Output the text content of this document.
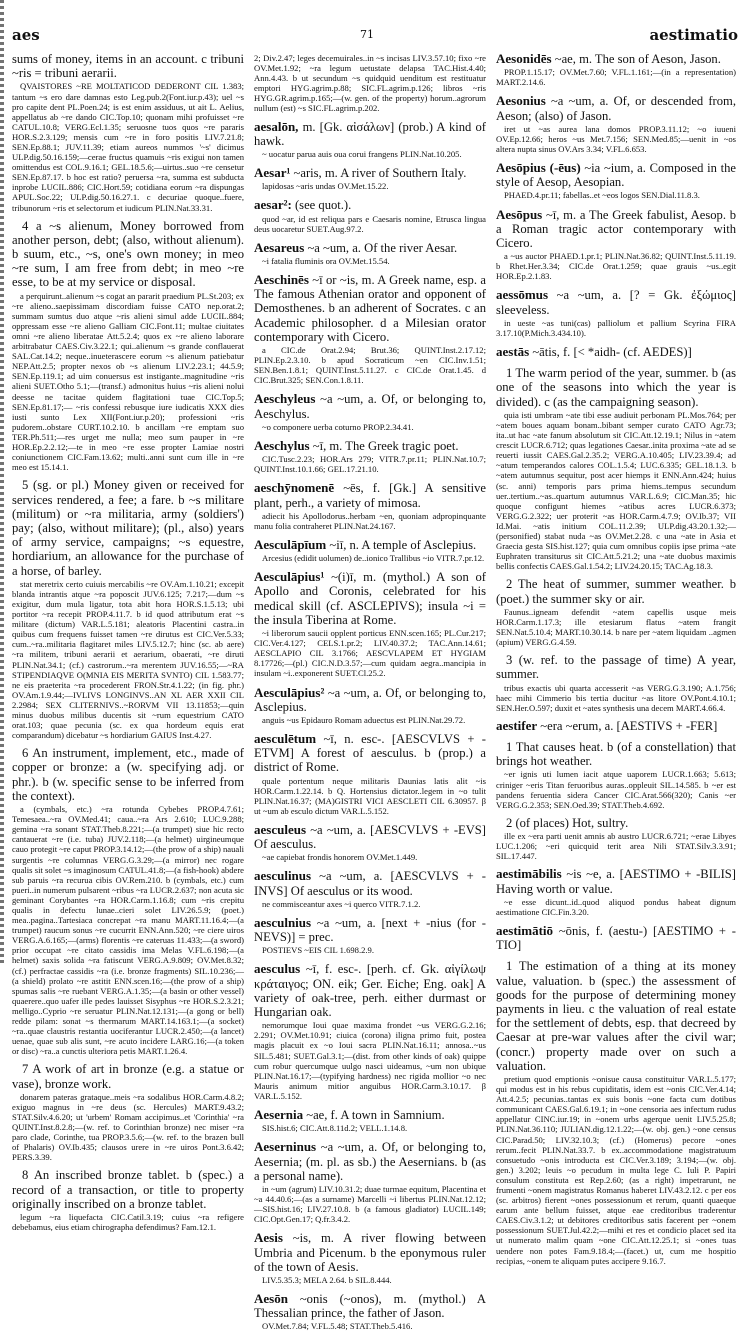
aes	71	aestimatio

sums of money, items in an account. c tribuni ~ris = tribuni aerarii.

QVAISTORES ~RE MOLTATICOD DEDERONT CIL 1.383; tantum ~s ero dare damnas esto Leg.pub.2(Font.iur.p.43); uel ~s pro capite dent PL.Poen.24; is est enim assiduus, ut ait L. Aelius, appellatus ab ~re dando CIC.Top.10; quonam mihi profuisset ~re CATUL.10.8; VERG.Ecl.1.35; seruosne tuos quos ~re pararis HOR.S.2.3.129; mensis cum ~re in foro positis LIV.7.21.8; SEN.Ep.88.1; JUV.11.39; etiam aureos nummos '~s' dicimus ULP.dig.50.16.159;—cerae fructus quamuis ~ris exigui non tamen omittendus est COL.9.16.1; GEL.18.5.6;—uirtus..suo ~re censetur SEN.Ep.87.17. b hoc est ratio? peruersa ~ra, summa est subducta inprobe LUCIL.886; CIC.Hort.59; cotidiana eorum ~ra dispungas APUL.Soc.22; ULP.dig.50.16.27.1. c decuriae quoque..fuere, tribunorum ~ris et selectorum et iudicum PLIN.Nat.33.31.

4 a ~s alienum, Money borrowed from another person, debt; (also, without alienum). b suum, etc., ~s, one's own money; in meo ~re sum, I am free from debt; in meo ~re esse, to be at my service or disposal.

a perquirunt..alienum ~s cogat an pararit praedium PL.St.203; ex ~re alieno..saepissimam discordiam fuisse CATO nep.orat.2; summam sumtus duo atque ~ris alieni simul adde LUCIL.884; oppressam esse ~re alieno Galliam CIC.Font.11; multae ciuitates omni ~re alieno liberatae Att.5.2.4; quos ex ~re alieno laborare arbitrabatur CAES.Civ.3.22.1; qui..alienum ~s grande conflauerat SAL.Cat.14.2; neque..inueterascere eorum ~s alienum patiebatur NEP.Att.2.5; propter nexos ob ~s alienum LIV.2.23.1; 44.5.9; SEN.Ep.119.1; ad uim conuersus est instigante..magnitudine ~ris alieni SUET.Otho 5.1;—(transf.) admonitus huius ~ris alieni nolui deesse ne tacitae quidem flagitationi tuae CIC.Top.5; SEN.Ep.81.17;— ~ris confessi rebusque iure iudicatis XXX dies iusti sunto Lex XII(Font.iur.p.20); professioni ~ris pudorem..obstare CURT.10.2.10. b ancillam ~re emptam suo TER.Ph.511;—res urget me nulla; meo sum pauper in ~re HOR.Ep.2.2.12;—te in meo ~re esse propter Lamiae nostri coniunctionem CIC.Fam.13.62; multi..anni sunt cum ille in ~re meo est 15.14.1.

5 (sg. or pl.) Money given or received for services rendered, a fee; a fare. b ~s militare (militum) or ~ra militaria, army (soldiers') pay; (also, without militare); (pl., also) years of army service, campaigns; ~s equestre, hordiarium, an allowance for the purchase of a horse, of barley.

stat meretrix certo cuiuis mercabilis ~re OV.Am.1.10.21; excepit blanda intrantis atque ~ra poposcit JUV.6.125; 7.217;—dum ~s exigitur, dum mula ligatur, tota abit hora HOR.S.1.5.13; ubi portitor ~ra recepit PROP.4.11.7. b id quod attributum erat ~s militare (dictum) VAR.L.5.181; aleatoris Placentini castra..in quibus cum frequens fuisset tamen ~re dirutus est CIC.Ver.5.33; cum..~ra..militaria flagitaret miles LIV.5.12.7; hinc (sc. ab aere) ~ra militem, tribuni aerarii et aerarium, obaerati, ~re diruti PLIN.Nat.34.1; (cf.) castrorum..~ra merentem JUV.16.55;—~RA STIPENDIAQVE O(MNIA EIS MERITA SVNTO) CIL 1.583.77; ne eis praeterita ~ra procederent FRON.Str.4.1.22; (in fig. phr.) OV.Am.1.9.44;—IVLIVS LONGINVS..AN XL AER XXII CIL 2.2984; SEX CLITERNIVS..~RORVM VII 13.11853;—quin minus duobus milibus ducentis sit ~rum equestrium CATO orat.103; quae pecunia (sc. ex qua hordeum equis erat comparandum) dicebatur ~s hordiarium GAIUS Inst.4.27.

6 An instrument, implement, etc., made of copper or bronze: a (w. specifying adj. or phr.). b (w. specific sense to be inferred from the context).

a (cymbals, etc.) ~ra rotunda Cybebes PROP.4.7.61; Temesaea..~ra OV.Med.41; caua..~ra Ars 2.610; LUC.9.288; gemina ~ra sonant STAT.Theb.8.221;—(a trumpet) siue hic recto cantauerat ~re (i.e. tuba) JUV.2.118;—(a helmet) uirgineumque cauo protegit ~re caput PROP.3.14.12;—(the prow of a ship) nauali surgentis ~re columnas VERG.G.3.29;—(a mirror) nec rogare qualis sit solet ~s imaginosum CATUL.41.8;—(a fish-hook) abdere sub paruis ~ra recurua cibis OV.Rem.210. b (cymbals, etc.) cum pueri..in numerum pulsarent ~ribus ~ra LUCR.2.637; non acuta sic geminant Corybantes ~ra HOR.Carm.1.16.8; cum ~ris crepitu qualis in defectu lunae..cieri solet LIV.26.5.9; (poet.) mea..pagina..Tartesiaca concrepat ~ra manu MART.11.16.4;—(a trumpet) raucum sonus ~re cucurrit ENN.Ann.520; ~re ciere uiros VERG.A.6.165;—(arms) florentis ~re cateruas 11.433;—(a sword) prior occupat ~re citato cassidis ima Melas V.FL.6.198;—(a helmet) saxis solida ~ra fatiscunt VERG.A.9.809; OV.Met.8.32; (cf.) perfractae cassidis ~ra (i.e. bronze fragments) SIL.10.236;—(a shield) prolato ~re astitit ENN.scen.16;—(the prow of a ship) spumas salis ~re ruebant VERG.A.1.35;—(a basin or other vessel) quaerere..quo uafer ille pedes lauisset Sisyphus ~re HOR.S.2.3.21; melligo..Cyprio ~re seruatur PLIN.Nat.12.131;—(a gong or bell) redde pilam: sonat ~s thermarum MART.14.163.1;—(a socket) ~ra..quae claustris restantia uociferantur LUCR.2.450;—(a lancet) uenae, quae sub alis sunt, ~re acuto incidere LARG.16;—(a token or disc) ~ra..a cunctis ulteriora petis MART.1.26.4.

7 A work of art in bronze (e.g. a statue or vase), bronze work.

donarem pateras grataque..meis ~ra sodalibus HOR.Carm.4.8.2; exiguo magnus in ~re deus (sc. Hercules) MART.9.43.2; STAT.Silv.4.6.20; ut 'urbem' Romam accipimus..et 'Corinthia' ~ra QUINT.Inst.8.2.8;—(w. ref. to Corinthian bronze) nec miser ~ra paro clade, Corinthe, tua PROP.3.5.6;—(w. ref. to the brazen bull of Phalaris) OV.Ib.435; clausos urere in ~re uiros Pont.3.6.42; PERS.3.39.

8 An inscribed bronze tablet. b (spec.) a record of a transaction, or title to property originally inscribed on a bronze tablet.

legum ~ra liquefacta CIC.Catil.3.19; cuius ~ra refigere debebamus, eius etiam chirographa defendimus? Fam.12.1.

2; Div.2.47; leges decemuirales..in ~s incisas LIV.3.57.10; fixo ~re OV.Met.1.92; ~ra legum uetustate delapsa TAC.Hist.4.40; Ann.4.43. b ut secundum ~s quidquid uenditum est restituatur emptori HYG.agrim.p.88; SIC.FL.agrim.p.126; libros ~ris HYG.GR.agrim.p.165;—(w. gen. of the property) horum..agrorum nullum (est) ~s SIC.FL.agrim.p.202.

aesalōn, m. [Gk. αἰσάλων] (prob.) A kind of hawk.

~ uocatur parua auis oua corui frangens PLIN.Nat.10.205.

Aesar¹ ~aris, m. A river of Southern Italy.

lapidosas ~aris undas OV.Met.15.22.

aesar²: (see quot.).

quod ~ar, id est reliqua pars e Caesaris nomine, Etrusca lingua deus uocaretur SUET.Aug.97.2.

Aesareus ~a ~um, a. Of the river Aesar.

~i fatalia fluminis ora OV.Met.15.54.

Aeschinēs ~ī or ~is, m. A Greek name, esp. a The famous Athenian orator and opponent of Demosthenes. b an adherent of Socrates. c an Academic philosopher. d a Milesian orator contemporary with Cicero.

a CIC.de Orat.2.94; Brut.36; QUINT.Inst.2.17.12; PLIN.Ep.2.3.10. b apud Socraticum ~en CIC.Inv.1.51; SEN.Ben.1.8.1; QUINT.Inst.5.11.27. c CIC.de Orat.1.45. d CIC.Brut.325; SEN.Con.1.8.11.

Aeschyleus ~a ~um, a. Of, or belonging to, Aeschylus.

~o componere uerba coturno PROP.2.34.41.

Aeschylus ~ī, m. The Greek tragic poet.

CIC.Tusc.2.23; HOR.Ars 279; VITR.7.pr.11; PLIN.Nat.10.7; QUINT.Inst.10.1.66; GEL.17.21.10.

aeschȳnomenē ~ēs, f. [Gk.] A sensitive plant, perh., a variety of mimosa.

adiecit his Apollodorus..herbam ~en, quoniam adpropinquante manu folia contraheret PLIN.Nat.24.167.

Aesculāpīum ~iī, n. A temple of Asclepius.

Arcesius (edidit uolumen) de..ionico Trallibus ~io VITR.7.pr.12.

Aesculāpius¹ ~(i)ī, m. (mythol.) A son of Apollo and Coronis, celebrated for his medical skill (cf. ASCLEPIVS); insula ~i = the insula Tiberina at Rome.

~i liberorum saucii opplent porticus ENN.scen.165; PL.Cur.217; CIC.Ver.4.127; CELS.1.pr.2; LIV.40.37.2; TAC.Ann.14.61; AESCLAPIO CIL 3.1766; AESCVLAPEM ET HYGIAM 8.17726;—(pl.) CIC.N.D.3.57;—cum quidam aegra..mancipia in insulam ~i..exponerent SUET.Cl.25.2.

Aesculāpius² ~a ~um, a. Of, or belonging to, Asclepius.

anguis ~us Epidauro Romam aduectus est PLIN.Nat.29.72.

aesculētum ~ī, n. esc-. [AESCVLVS + -ETVM] A forest of aesculus. b (prop.) a district of Rome.

quale portentum neque militaris Daunias latis alit ~is HOR.Carm.1.22.14. b Q. Hortensius dictator..legem in ~o tulit PLIN.Nat.16.37; (MA)GISTRI VICI AESCLETI CIL 6.30957. β ut ~um ab esculo dictum VAR.L.5.152.

aesculeus ~a ~um, a. [AESCVLVS + -EVS] Of aesculus.

~ae capiebat frondis honorem OV.Met.1.449.

aesculinus ~a ~um, a. [AESCVLVS + -INVS] Of aesculus or its wood.

ne commisceantur axes ~i querco VITR.7.1.2.

aesculnius ~a ~um, a. [next + -nius (for -NEVS)] = prec.

POSTIEVS ~EIS CIL 1.698.2.9.

aesculus ~ī, f. esc-. [perh. cf. Gk. αἰγίλωψ κράταιγος; ON. eik; Ger. Eiche; Eng. oak] A variety of oak-tree, perh. either durmast or Hungarian oak.

nemorumque Ioui quae maxima frondet ~us VERG.G.2.16; 2.291; OV.Met.10.91; ciuica (corona) iligna primo fuit, postea magis placuit ex ~o Ioui sacra PLIN.Nat.16.11; annosa..~us SIL.5.481; SUET.Gal.3.1;—(dist. from other kinds of oak) quippe cum robur quercumque uulgo nasci uideamus, ~um non ubique PLIN.Nat.16.17;—(typifying hardness) nec rigida mollior ~o nec Mauris animum mitior anguibus HOR.Carm.3.10.17. β VAR.L.5.152.

Aesernia ~ae, f. A town in Samnium.

SIS.hist.6; CIC.Att.8.11d.2; VELL.1.14.8.

Aeserninus ~a ~um, a. Of, or belonging to, Aesernia; (m. pl. as sb.) the Aesernians. b (as a personal name).

in ~um (agrum) LIV.10.31.2; duae turmae equitum, Placentina et ~a 44.40.6;—(as a surname) Marcelli ~i libertus PLIN.Nat.12.12;—SIS.hist.16; LIV.27.10.8. b (a famous gladiator) LUCIL.149; CIC.Opt.Gen.17; Q.fr.3.4.2.

Aesis ~is, m. A river flowing between Umbria and Picenum. b the eponymous ruler of the town of Aesis.

LIV.5.35.3; MELA 2.64. b SIL.8.444.

Aesōn ~onis (~onos), m. (mythol.) A Thessalian prince, the father of Jason.

OV.Met.7.84; V.FL.5.48; STAT.Theb.5.416.

Aesonidēs ~ae, m. The son of Aeson, Jason.

PROP.1.15.17; OV.Met.7.60; V.FL.1.161;—(in a representation) MART.2.14.6.

Aesonius ~a ~um, a. Of, or descended from, Aeson; (also) of Jason.

iret ut ~as aurea lana domos PROP.3.11.12; ~o iuueni OV.Ep.12.66; heros ~us Met.7.156; SEN.Med.85;—uenit in ~os altera nupta sinus OV.Ars 3.34; V.FL.6.653.

Aesōpius (-ēus) ~ia ~ium, a. Composed in the style of Aesop, Aesopian.

PHAED.4.pr.11; fabellas..et ~eos logos SEN.Dial.11.8.3.

Aesōpus ~ī, m. a The Greek fabulist, Aesop. b a Roman tragic actor contemporary with Cicero.

a ~us auctor PHAED.1.pr.1; PLIN.Nat.36.82; QUINT.Inst.5.11.19. b Rhet.Her.3.34; CIC.de Orat.1.259; quae grauis ~us..egit HOR.Ep.2.1.83.

aessōmus ~a ~um, a. [? = Gk. ἐξώμιος] sleeveless.

in ueste ~as tuni(cas) palliolum et pallium Scyrina FIRA 3.17.10(P.Mich.3.434.10).

aestās ~ātis, f. [< *aidh- (cf. AEDES)]

1 The warm period of the year, summer. b (as one of the seasons into which the year is divided). c (as the campaigning season).

quia isti umbram ~ate tibi esse audiuit perbonam PL.Mos.764; per ~atem boues aquam bonam..bibant semper curato CATO Agr.73; ita..ut hac ~ate fanum absolutum sit CIC.Att.12.19.1; Nilus in ~atem crescit LUCR.6.712; quas legationes Caesar..inita proxima ~ate ad se reuerti iussit CAES.Gal.2.35.2; VERG.A.10.405; LIV.23.39.4; ad ~atum temperandos calores COL.1.5.4; LUC.6.335; GEL.18.1.3. b ~atem autumnus sequitur, post acer hiemps it ENN.Ann.424; huius (sc. anni) temporis pars prima hiems..tempus secundum uer..tertium..~as..quartum autumnus VAR.L.6.9; CIC.Man.35; hic quoque configunt hiemes ~atibus acres LUCR.6.373; VERG.G.2.322; uer proterit ~as HOR.Carm.4.7.9; OV.Ib.37; VII Id.Mai. ~atis initium COL.11.2.39; ULP.dig.43.20.1.32;—(personified) stabat nuda ~as OV.Met.2.28. c una ~ate in Asia et Graecia gesta SIS.hist.127; quia cum omnibus copiis ipse prima ~ate Euphraten transiturus sit CIC.Att.5.21.2; una ~ate duobus maximis bellis confectis CAES.Gal.1.54.2; LIV.24.20.15; TAC.Ag.18.3.

2 The heat of summer, summer weather. b (poet.) the summer sky or air.

Faunus..igneam defendit ~atem capellis usque meis HOR.Carm.1.17.3; ille etesiarum flatus ~atem frangit SEN.Nat.5.10.4; MART.10.30.14. b nare per ~atem liquidam ..agmen (apium) VERG.G.4.59.

3 (w. ref. to the passage of time) A year, summer.

tribus exactis ubi quarta accesserit ~as VERG.G.3.190; A.1.756; haec mihi Cimmerio bis tertia ducitur ~as litore OV.Pont.4.10.1; SEN.Her.O.597; duxit et ~ates synthesis una decem MART.4.66.4.

aestifer ~era ~erum, a. [AESTIVS + -FER]

1 That causes heat. b (of a constellation) that brings hot weather.

~er ignis uti lumen iacit atque uaporem LUCR.1.663; 5.613; criniger ~eris Titan feruoribus auras..oppleuit SIL.14.585. b ~er est pandens feruentia sidera Cancer CIC.Arat.566(320); Canis ~er VERG.G.2.353; SEN.Oed.39; STAT.Theb.4.692.

2 (of places) Hot, sultry.

ille ex ~era parti uenit amnis ab austro LUCR.6.721; ~erae Libyes LUC.1.206; ~eri quicquid terit area Nili STAT.Silv.3.3.91; SIL.17.447.

aestimābilis ~is ~e, a. [AESTIMO + -BILIS] Having worth or value.

~e esse dicunt..id..quod aliquod pondus habeat dignum aestimatione CIC.Fin.3.20.

aestimātiō ~ōnis, f. (aestu-) [AESTIMO + -TIO]

1 The estimation of a thing at its money value, valuation. b (spec.) the assessment of goods for the purpose of determining money payments in lieu. c the valuation of real estate for the settlement of debts, esp. that decreed by Caesar at pre-war values after the civil war; (concr.) property made over on such a valuation.

pretium quod emptionis ~onisue causa constituitur VAR.L.5.177; qui modus est in his rebus cupiditatis, idem est ~onis CIC.Ver.4.14; Att.4.2.5; pecunias..tantas ex suis bonis ~one facta cum dotibus communicant CAES.Gal.6.19.1; in ~one censoria aes infectum rudus appellatur CINC.iur.19; in ~onem urbs agerque uenit LIV.5.25.8; PLIN.Nat.36.110; JULIAN.dig.12.1.22;—(w. obj. gen.) ~one census CIC.Parad.50; LIV.32.10.3; (cf.) (Homerus) pecore ~ones rerum..fecit PLIN.Nat.33.7. b ex..accommodatione magistratuum consuetudo ~onis introducta est CIC.Ver.3.189; 3.194;—(w. obj. gen.) 3.202; leuis ~o pecudum in multa lege C. Iuli P. Papiri consulum constituta est Rep.2.60; (as a right) impetrarunt, ne frumenti ~onem magistratus Romanus haberet LIV.43.2.12. c per eos (sc. arbitros) fierent ~ones possessionum et rerum, quanti quaeque earum ante bellum fuisset, atque eae creditoribus traderentur CAES.Civ.3.1.2; ut debitores creditoribus satis facerent per ~onem possessionum SUET.Jul.42.2;—mihi et res et condicio placet sed ita ut numerato malim quam ~one CIC.Att.12.25.1; si ~ones tuas uendere non potes Fam.9.18.4;—(facet.) ut, cum me hospitio recipias, ~onem te aliquam putes accipere 9.16.7.
